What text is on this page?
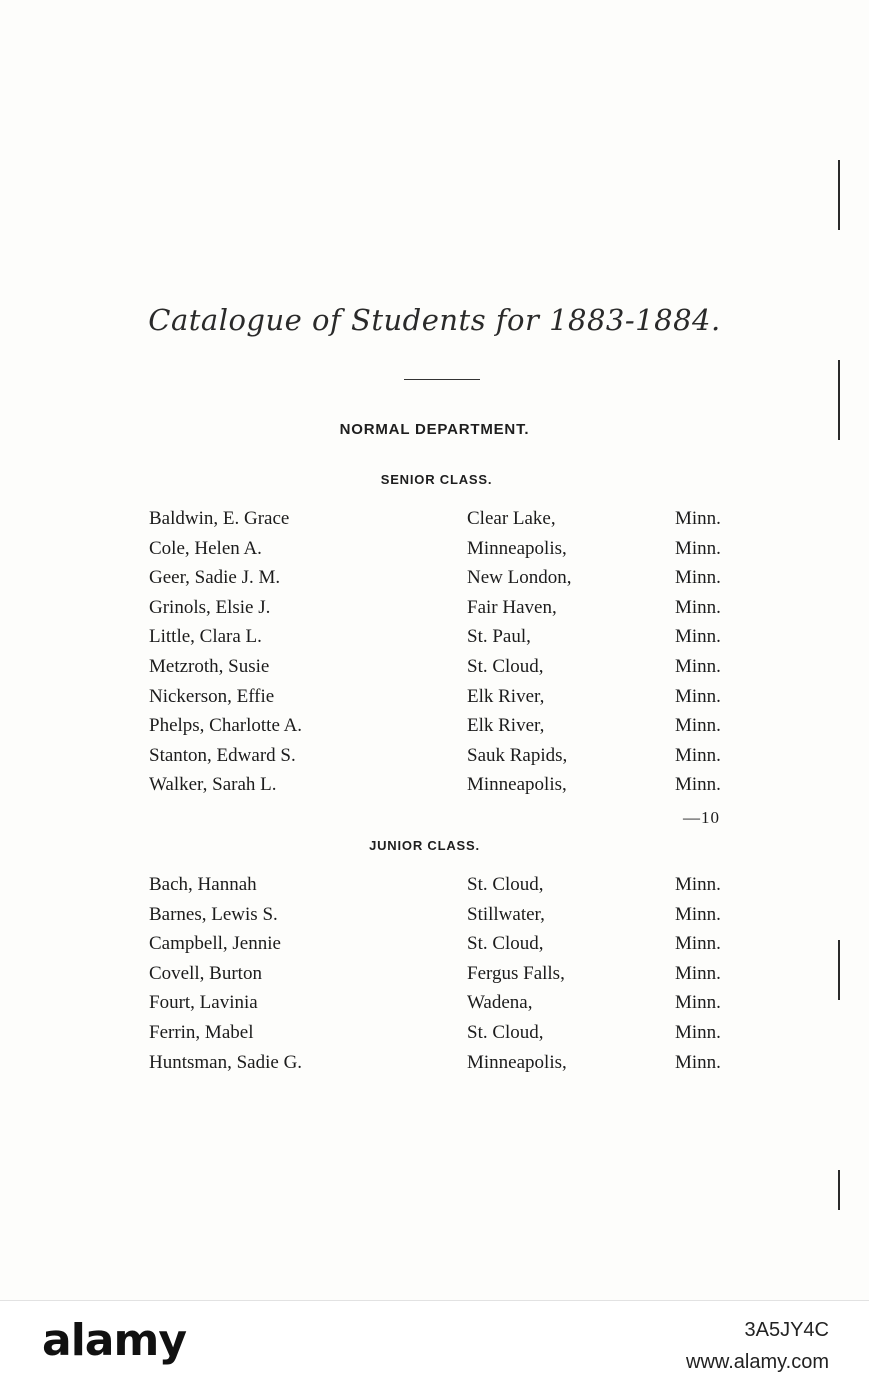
Catalogue of Students for 1883-1884.
NORMAL DEPARTMENT.
SENIOR CLASS.
Baldwin, E. Grace	Clear Lake,	Minn.
Cole, Helen A.	Minneapolis,	Minn.
Geer, Sadie J. M.	New London,	Minn.
Grinols, Elsie J.	Fair Haven,	Minn.
Little, Clara L.	St. Paul,	Minn.
Metzroth, Susie	St. Cloud,	Minn.
Nickerson, Effie	Elk River,	Minn.
Phelps, Charlotte A.	Elk River,	Minn.
Stanton, Edward S.	Sauk Rapids,	Minn.
Walker, Sarah L.	Minneapolis,	Minn.
—10
JUNIOR CLASS.
Bach, Hannah	St. Cloud,	Minn.
Barnes, Lewis S.	Stillwater,	Minn.
Campbell, Jennie	St. Cloud,	Minn.
Covell, Burton	Fergus Falls,	Minn.
Fourt, Lavinia	Wadena,	Minn.
Ferrin, Mabel	St. Cloud,	Minn.
Huntsman, Sadie G.	Minneapolis,	Minn.
alamy	3A5JY4C
www.alamy.com
